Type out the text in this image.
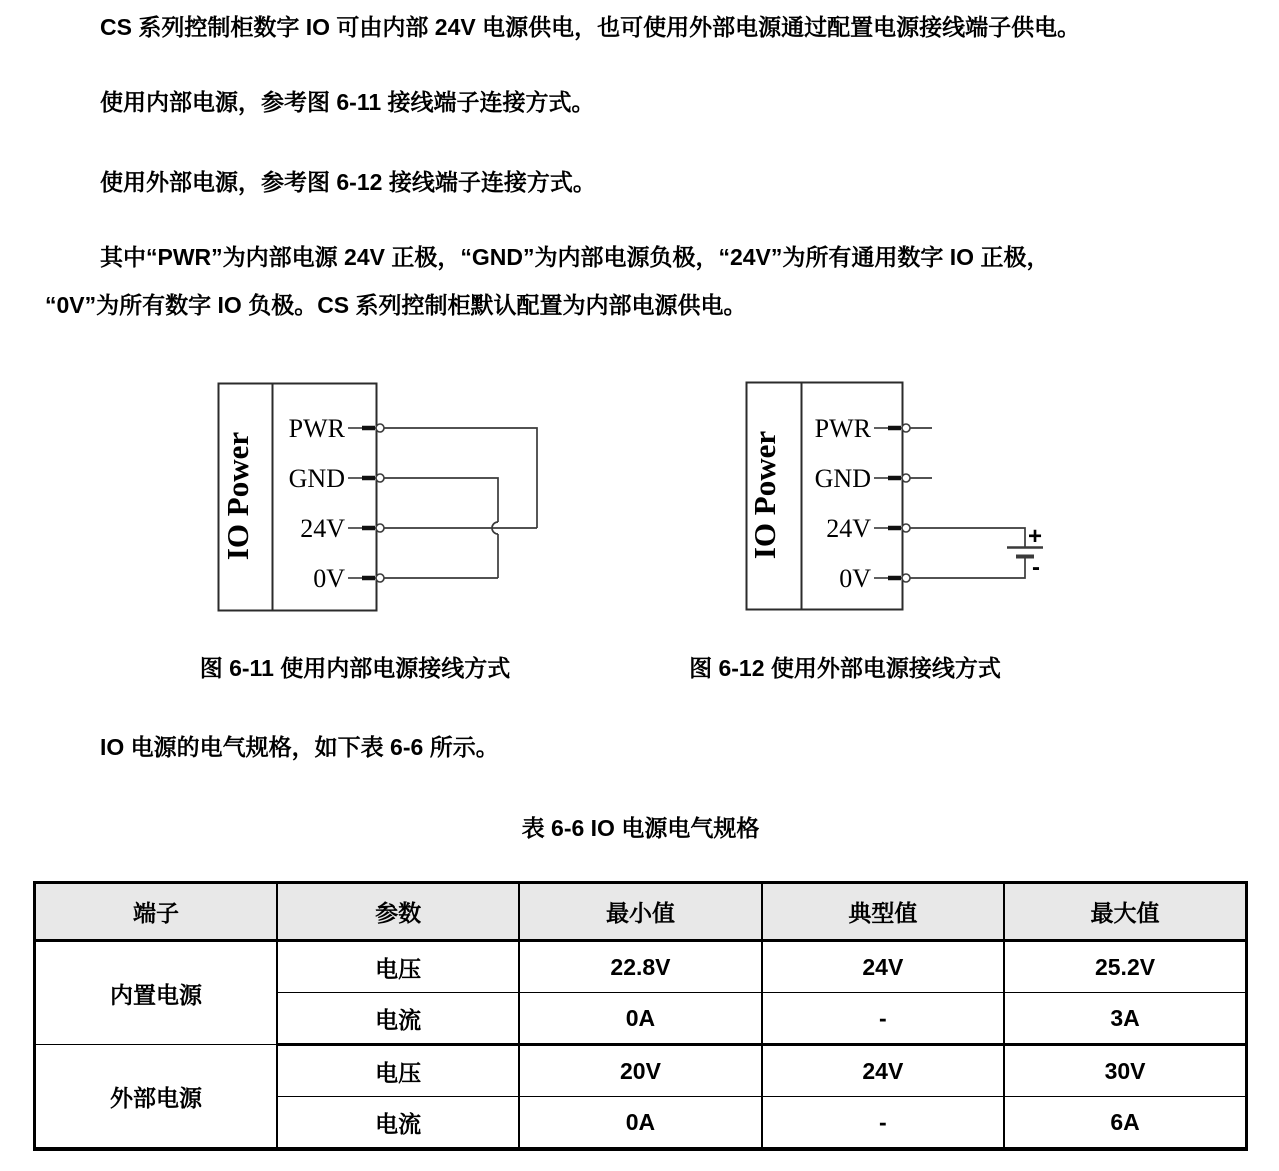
CS 系列控制柜数字 IO 可由内部 24V 电源供电，也可使用外部电源通过配置电源接线端子供电。
使用内部电源，参考图 6-11 接线端子连接方式。
使用外部电源，参考图 6-12 接线端子连接方式。
其中“PWR”为内部电源 24V 正极，“GND”为内部电源负极，“24V”为所有通用数字 IO 正极，
“0V”为所有数字 IO 负极。CS 系列控制柜默认配置为内部电源供电。
IO 电源的电气规格，如下表 6-6 所示。
IO Power
PWR
GND
24V
0V
+
-
IO Power
PWR
GND
24V
0V
图 6-11 使用内部电源接线方式	图 6-12 使用外部电源接线方式
表 6-6 IO 电源电气规格
端子	参数	最小值	典型值	最大值
内置电源	电压	22.8V	24V	25.2V
	电流	0A	-	3A
外部电源	电压	20V	24V	30V
	电流	0A	-	6A
